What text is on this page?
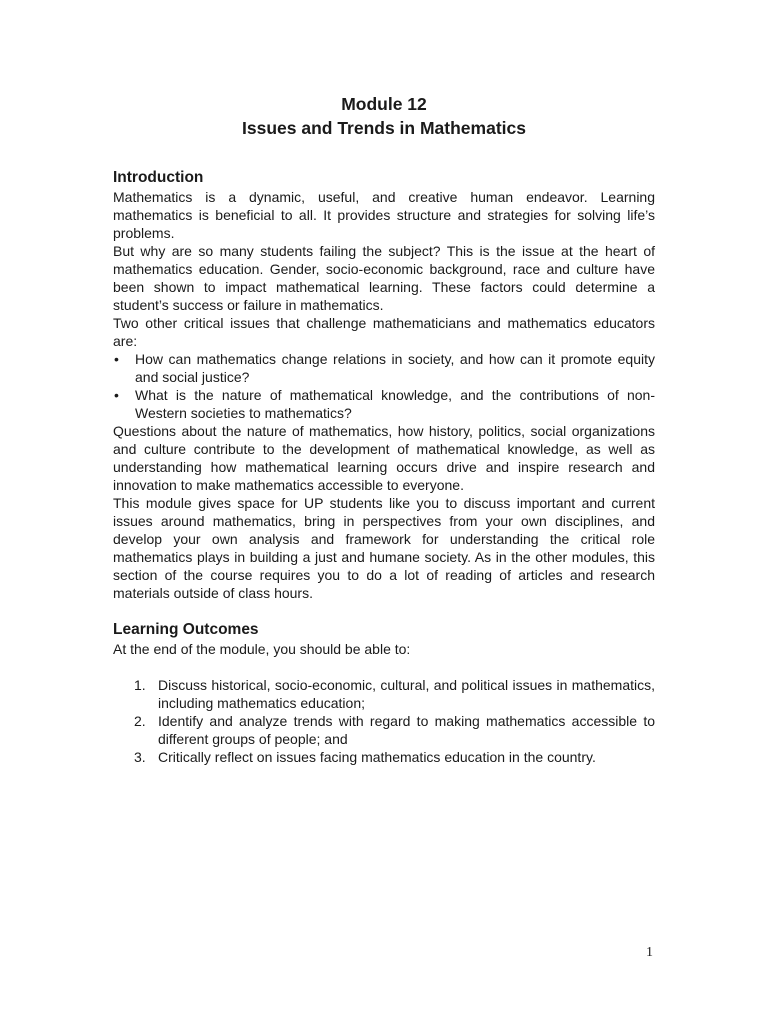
Module 12
Issues and Trends in Mathematics
Introduction

Mathematics is a dynamic, useful, and creative human endeavor. Learning mathematics is beneficial to all. It provides structure and strategies for solving life’s problems.

But why are so many students failing the subject? This is the issue at the heart of mathematics education. Gender, socio-economic background, race and culture have been shown to impact mathematical learning. These factors could determine a student’s success or failure in mathematics.

Two other critical issues that challenge mathematicians and mathematics educators are:

• How can mathematics change relations in society, and how can it promote equity and social justice?
• What is the nature of mathematical knowledge, and the contributions of non-Western societies to mathematics?

Questions about the nature of mathematics, how history, politics, social organizations and culture contribute to the development of mathematical knowledge, as well as understanding how mathematical learning occurs drive and inspire research and innovation to make mathematics accessible to everyone.

This module gives space for UP students like you to discuss important and current issues around mathematics, bring in perspectives from your own disciplines, and develop your own analysis and framework for understanding the critical role mathematics plays in building a just and humane society. As in the other modules, this section of the course requires you to do a lot of reading of articles and research materials outside of class hours.

Learning Outcomes

At the end of the module, you should be able to:

1. Discuss historical, socio-economic, cultural, and political issues in mathematics, including mathematics education;
2. Identify and analyze trends with regard to making mathematics accessible to different groups of people; and
3. Critically reflect on issues facing mathematics education in the country.
1
